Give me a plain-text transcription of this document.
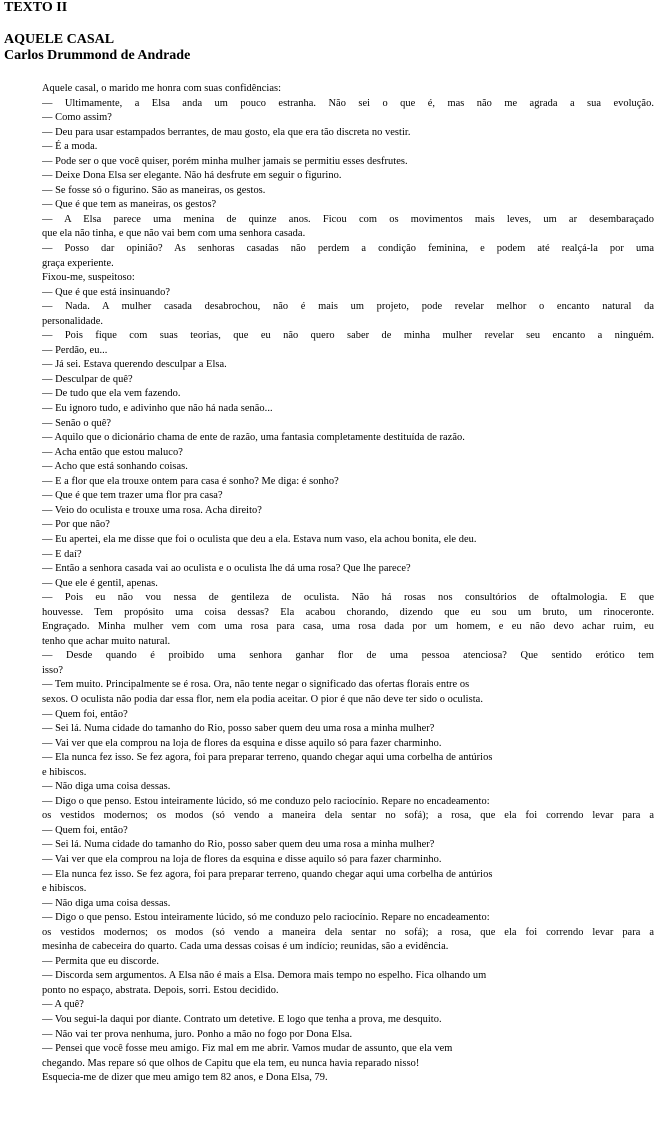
TEXTO II
AQUELE CASAL
Carlos Drummond de Andrade
Aquele casal, o marido me honra com suas confidências:
— Ultimamente, a Elsa anda um pouco estranha. Não sei o que é, mas não me agrada a sua evolução.
— Como assim?
— Deu para usar estampados berrantes, de mau gosto, ela que era tão discreta no vestir.
— É a moda.
— Pode ser o que você quiser, porém minha mulher jamais se permitiu esses desfrutes.
— Deixe Dona Elsa ser elegante. Não há desfrute em seguir o figurino.
— Se fosse só o figurino. São as maneiras, os gestos.
— Que é que tem as maneiras, os gestos?
— A Elsa parece uma menina de quinze anos. Ficou com os movimentos mais leves, um ar desembaraçado
que ela não tinha, e que não vai bem com uma senhora casada.
— Posso dar opinião? As senhoras casadas não perdem a condição feminina, e podem até realçá-la por uma
graça experiente.
Fixou-me, suspeitoso:
— Que é que está insinuando?
— Nada. A mulher casada desabrochou, não é mais um projeto, pode revelar melhor o encanto natural da
personalidade.
— Pois fique com suas teorias, que eu não quero saber de minha mulher revelar seu encanto a ninguém.
— Perdão, eu...
— Já sei. Estava querendo desculpar a Elsa.
— Desculpar de quê?
— De tudo que ela vem fazendo.
— Eu ignoro tudo, e adivinho que não há nada senão...
— Senão o quê?
— Aquilo que o dicionário chama de ente de razão, uma fantasia completamente destituída de razão.
— Acha então que estou maluco?
— Acho que está sonhando coisas.
— E a flor que ela trouxe ontem para casa é sonho? Me diga: é sonho?
— Que é que tem trazer uma flor pra casa?
— Veio do oculista e trouxe uma rosa. Acha direito?
— Por que não?
— Eu apertei, ela me disse que foi o oculista que deu a ela. Estava num vaso, ela achou bonita, ele deu.
— E daí?
— Então a senhora casada vai ao oculista e o oculista lhe dá uma rosa? Que lhe parece?
— Que ele é gentil, apenas.
— Pois eu não vou nessa de gentileza de oculista. Não há rosas nos consultórios de oftalmologia. E que
houvesse. Tem propósito uma coisa dessas? Ela acabou chorando, dizendo que eu sou um bruto, um rinoceronte.
Engraçado. Minha mulher vem com uma rosa para casa, uma rosa dada por um homem, e eu não devo achar ruim, eu
tenho que achar muito natural.
— Desde quando é proibido uma senhora ganhar flor de uma pessoa atenciosa? Que sentido erótico tem
isso?
— Tem muito. Principalmente se é rosa. Ora, não tente negar o significado das ofertas florais entre os
sexos. O oculista não podia dar essa flor, nem ela podia aceitar. O pior é que não deve ter sido o oculista.
— Quem foi, então?
— Sei lá. Numa cidade do tamanho do Rio, posso saber quem deu uma rosa a minha mulher?
— Vai ver que ela comprou na loja de flores da esquina e disse aquilo só para fazer charminho.
— Ela nunca fez isso. Se fez agora, foi para preparar terreno, quando chegar aqui uma corbelha de antúrios
e hibiscos.
— Não diga uma coisa dessas.
— Digo o que penso. Estou inteiramente lúcido, só me conduzo pelo raciocínio. Repare no encadeamento:
os vestidos modernos; os modos (só vendo a maneira dela sentar no sofá); a rosa, que ela foi correndo levar para a
— Quem foi, então?
— Sei lá. Numa cidade do tamanho do Rio, posso saber quem deu uma rosa a minha mulher?
— Vai ver que ela comprou na loja de flores da esquina e disse aquilo só para fazer charminho.
— Ela nunca fez isso. Se fez agora, foi para preparar terreno, quando chegar aqui uma corbelha de antúrios
e hibiscos.
— Não diga uma coisa dessas.
— Digo o que penso. Estou inteiramente lúcido, só me conduzo pelo raciocínio. Repare no encadeamento:
os vestidos modernos; os modos (só vendo a maneira dela sentar no sofá); a rosa, que ela foi correndo levar para a
mesinha de cabeceira do quarto. Cada uma dessas coisas é um indício; reunidas, são a evidência.
— Permita que eu discorde.
— Discorda sem argumentos. A Elsa não é mais a Elsa. Demora mais tempo no espelho. Fica olhando um
ponto no espaço, abstrata. Depois, sorri. Estou decidido.
— A quê?
— Vou segui-la daqui por diante. Contrato um detetive. E logo que tenha a prova, me desquito.
— Não vai ter prova nenhuma, juro. Ponho a mão no fogo por Dona Elsa.
— Pensei que você fosse meu amigo. Fiz mal em me abrir. Vamos mudar de assunto, que ela vem
chegando. Mas repare só que olhos de Capitu que ela tem, eu nunca havia reparado nisso!
Esquecia-me de dizer que meu amigo tem 82 anos, e Dona Elsa, 79.
